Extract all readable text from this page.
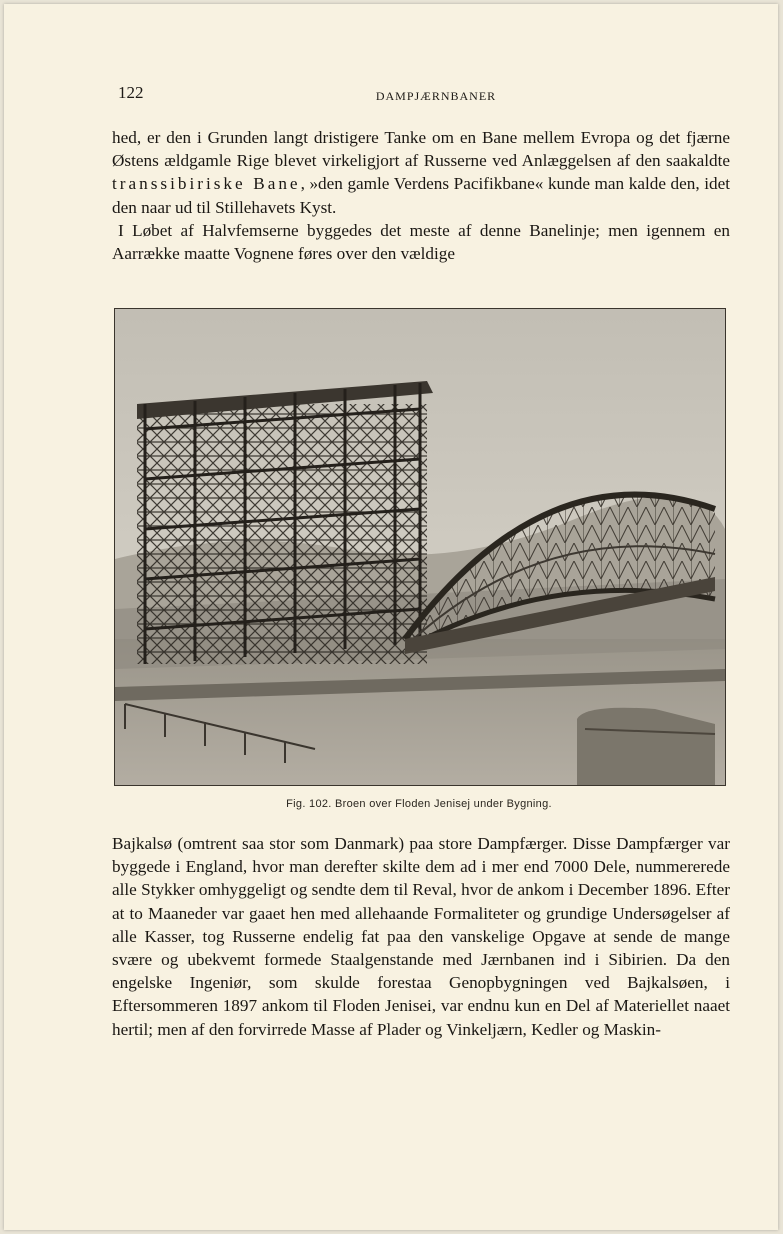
122	DAMPJÆRNBANER

hed, er den i Grunden langt dristigere Tanke om en Bane mellem Evropa og det fjærne Østens ældgamle Rige blevet virkeligjort af Russerne ved Anlæggelsen af den saakaldte transsibiriske Bane, »den gamle Verdens Pacifikbane« kunde man kalde den, idet den naar ud til Stillehavets Kyst.

I Løbet af Halvfemserne byggedes det meste af denne Banelinje; men igennem en Aarrække maatte Vognene føres over den vældige

Fig. 102. Broen over Floden Jenisej under Bygning.

Bajkalsø (omtrent saa stor som Danmark) paa store Dampfærger. Disse Dampfærger var byggede i England, hvor man derefter skilte dem ad i mer end 7000 Dele, nummererede alle Stykker omhyggeligt og sendte dem til Reval, hvor de ankom i December 1896. Efter at to Maaneder var gaaet hen med allehaande Formaliteter og grundige Undersøgelser af alle Kasser, tog Russerne endelig fat paa den vanskelige Opgave at sende de mange svære og ubekvemt formede Staalgenstande med Jærnbanen ind i Sibirien. Da den engelske Ingeniør, som skulde forestaa Genopbygningen ved Bajkalsøen, i Eftersommeren 1897 ankom til Floden Jenisei, var endnu kun en Del af Materiellet naaet hertil; men af den forvirrede Masse af Plader og Vinkeljærn, Kedler og Maskin-
